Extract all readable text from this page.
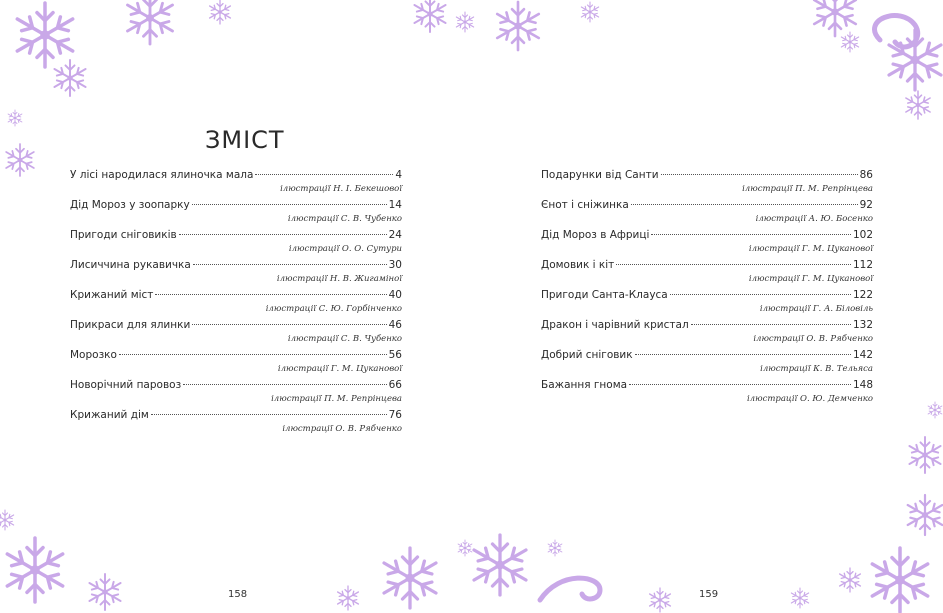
ЗМІСТ
У лісі народилася ялиночка мала	4
ілюстрації Н. І. Бекешової
Дід Мороз у зоопарку	14
ілюстрації С. В. Чубенко
Пригоди сніговиків	24
ілюстрації О. О. Сутури
Лисиччина рукавичка	30
ілюстрації Н. В. Жигаміної
Крижаний міст	40
ілюстрації С. Ю. Горбінченко
Прикраси для ялинки	46
ілюстрації С. В. Чубенко
Морозко	56
ілюстрації Г. М. Цуканової
Новорічний паровоз	66
ілюстрації П. М. Репрінцева
Крижаний дім	76
ілюстрації О. В. Рябченко
Подарунки від Санти	86
ілюстрації П. М. Репрінцева
Єнот і сніжинка	92
ілюстрації А. Ю. Босенко
Дід Мороз в Африці	102
ілюстрації Г. М. Цуканової
Домовик і кіт	112
ілюстрації Г. М. Цуканової
Пригоди Санта-Клауса	122
ілюстрації Г. А. Біловіль
Дракон і чарівний кристал	132
ілюстрації О. В. Рябченко
Добрий сніговик	142
ілюстрації К. В. Тельяса
Бажання гнома	148
ілюстрації О. Ю. Демченко
158	159
